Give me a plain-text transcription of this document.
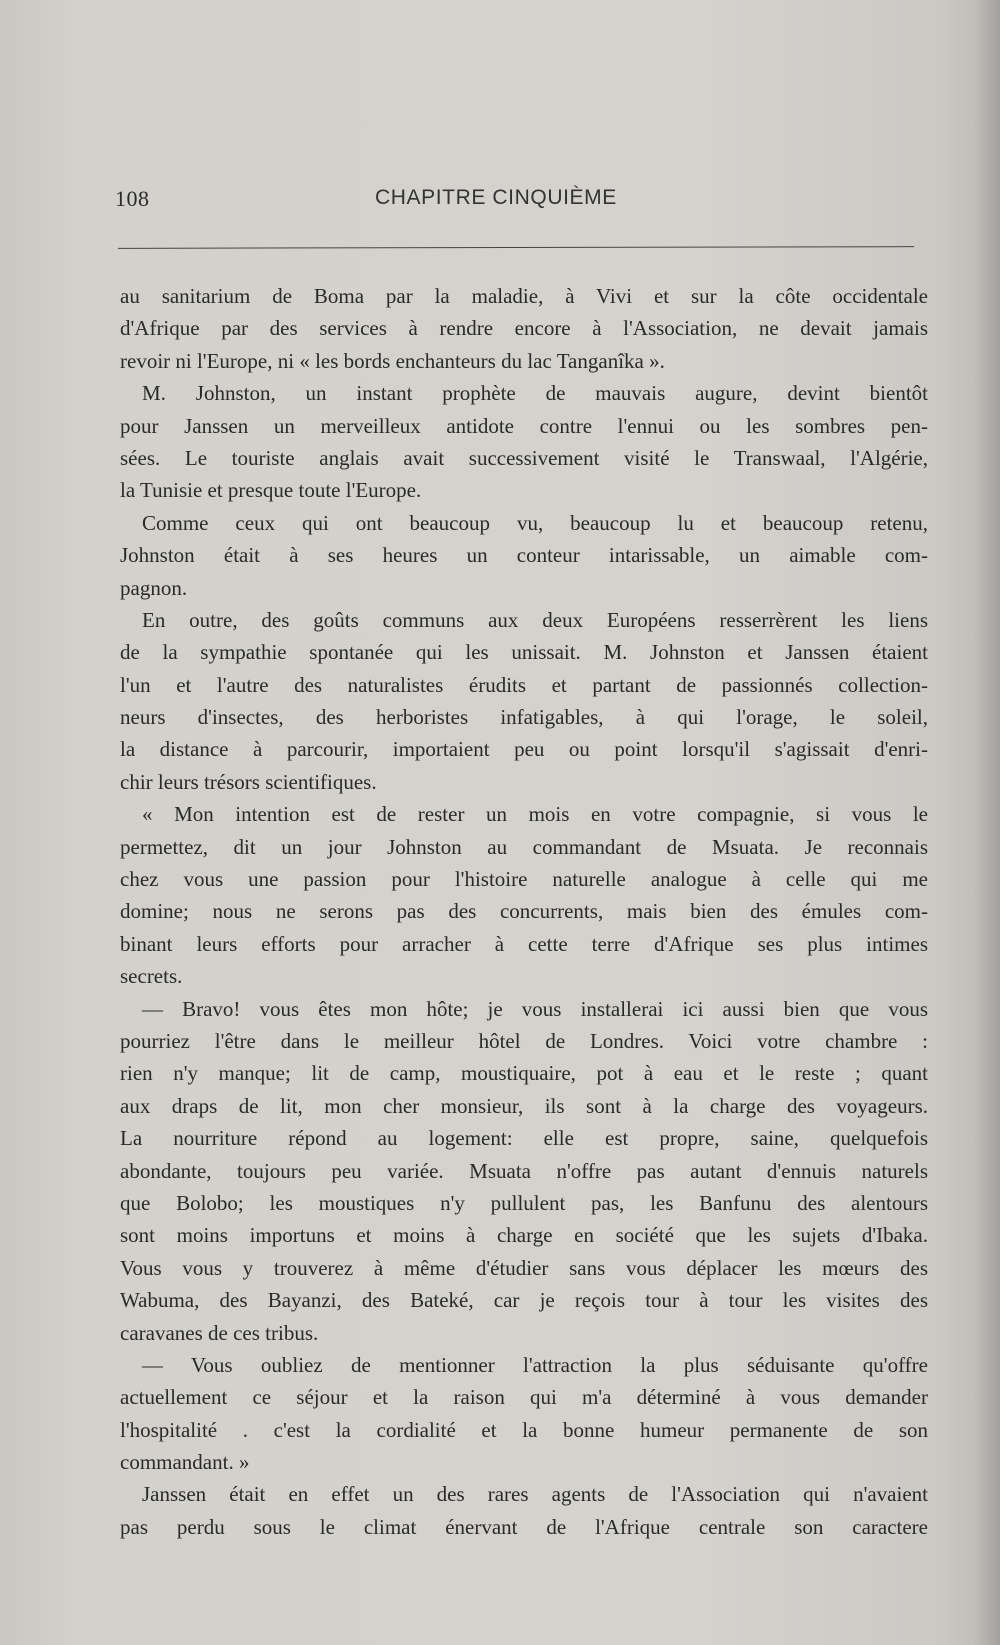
108	CHAPITRE CINQUIÈME
au sanitarium de Boma par la maladie, à Vivi et sur la côte occidentale
d'Afrique par des services à rendre encore à l'Association, ne devait jamais
revoir ni l'Europe, ni « les bords enchanteurs du lac Tanganîka ».
M. Johnston, un instant prophète de mauvais augure, devint bientôt
pour Janssen un merveilleux antidote contre l'ennui ou les sombres pen-
sées. Le touriste anglais avait successivement visité le Transwaal, l'Algérie,
la Tunisie et presque toute l'Europe.
Comme ceux qui ont beaucoup vu, beaucoup lu et beaucoup retenu,
Johnston était à ses heures un conteur intarissable, un aimable com-
pagnon.
En outre, des goûts communs aux deux Européens resserrèrent les liens
de la sympathie spontanée qui les unissait. M. Johnston et Janssen étaient
l'un et l'autre des naturalistes érudits et partant de passionnés collection-
neurs d'insectes, des herboristes infatigables, à qui l'orage, le soleil,
la distance à parcourir, importaient peu ou point lorsqu'il s'agissait d'enri-
chir leurs trésors scientifiques.
« Mon intention est de rester un mois en votre compagnie, si vous le
permettez, dit un jour Johnston au commandant de Msuata. Je reconnais
chez vous une passion pour l'histoire naturelle analogue à celle qui me
domine; nous ne serons pas des concurrents, mais bien des émules com-
binant leurs efforts pour arracher à cette terre d'Afrique ses plus intimes
secrets.
— Bravo! vous êtes mon hôte; je vous installerai ici aussi bien que vous
pourriez l'être dans le meilleur hôtel de Londres. Voici votre chambre :
rien n'y manque; lit de camp, moustiquaire, pot à eau et le reste ; quant
aux draps de lit, mon cher monsieur, ils sont à la charge des voyageurs.
La nourriture répond au logement: elle est propre, saine, quelquefois
abondante, toujours peu variée. Msuata n'offre pas autant d'ennuis naturels
que Bolobo; les moustiques n'y pullulent pas, les Banfunu des alentours
sont moins importuns et moins à charge en société que les sujets d'Ibaka.
Vous vous y trouverez à même d'étudier sans vous déplacer les mœurs des
Wabuma, des Bayanzi, des Bateké, car je reçois tour à tour les visites des
caravanes de ces tribus.
— Vous oubliez de mentionner l'attraction la plus séduisante qu'offre
actuellement ce séjour et la raison qui m'a déterminé à vous demander
l'hospitalité . c'est la cordialité et la bonne humeur permanente de son
commandant. »
Janssen était en effet un des rares agents de l'Association qui n'avaient
pas perdu sous le climat énervant de l'Afrique centrale son caractere
